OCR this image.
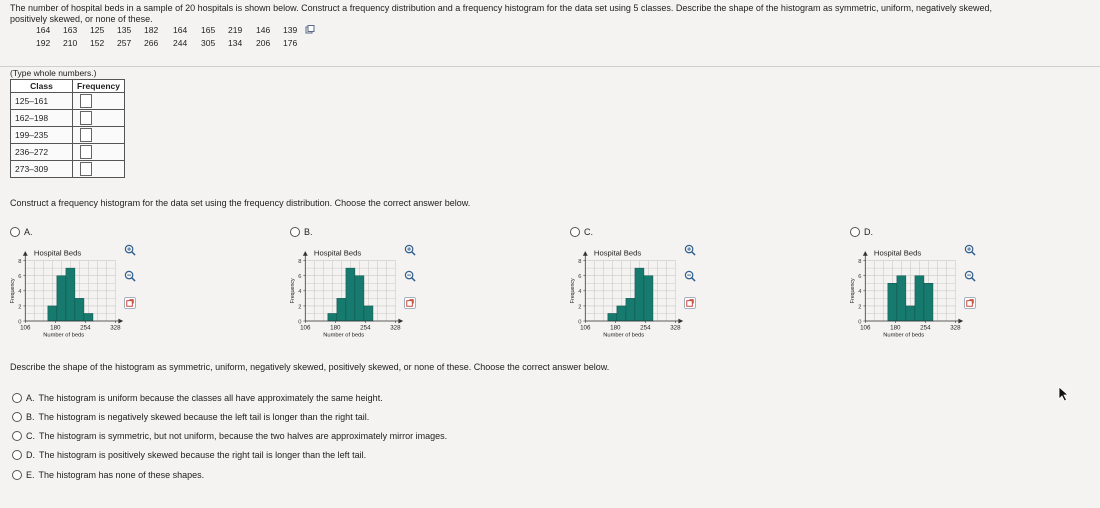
The number of hospital beds in a sample of 20 hospitals is shown below. Construct a frequency distribution and a frequency histogram for the data set using 5 classes. Describe the shape of the histogram as symmetric, uniform, negatively skewed,
positively skewed, or none of these.
164 163 125 135 182 164 165 219 146 139
192 210 152 257 266 244 305 134 206 176
(Type whole numbers.)
Class	Frequency
125–161	

162–198	

199–235	

236–272	

273–309	
Construct a frequency histogram for the data set using the frequency distribution. Choose the correct answer below.
A.
Hospital Beds
0
2
4
6
8
106	180	254	328
Number of beds
Frequency
B.
Hospital Beds
0
2
4
6
8
106	180	254	328
Number of beds
Frequency
C.
Hospital Beds
0
2
4
6
8
106	180	254	328
Number of beds
Frequency
D.
Hospital Beds
0
2
4
6
8
106	180	254	328
Number of beds
Frequency
Describe the shape of the histogram as symmetric, uniform, negatively skewed, positively skewed, or none of these. Choose the correct answer below.
A. The histogram is uniform because the classes all have approximately the same height.
B. The histogram is negatively skewed because the left tail is longer than the right tail.
C. The histogram is symmetric, but not uniform, because the two halves are approximately mirror images.
D. The histogram is positively skewed because the right tail is longer than the left tail.
E. The histogram has none of these shapes.
